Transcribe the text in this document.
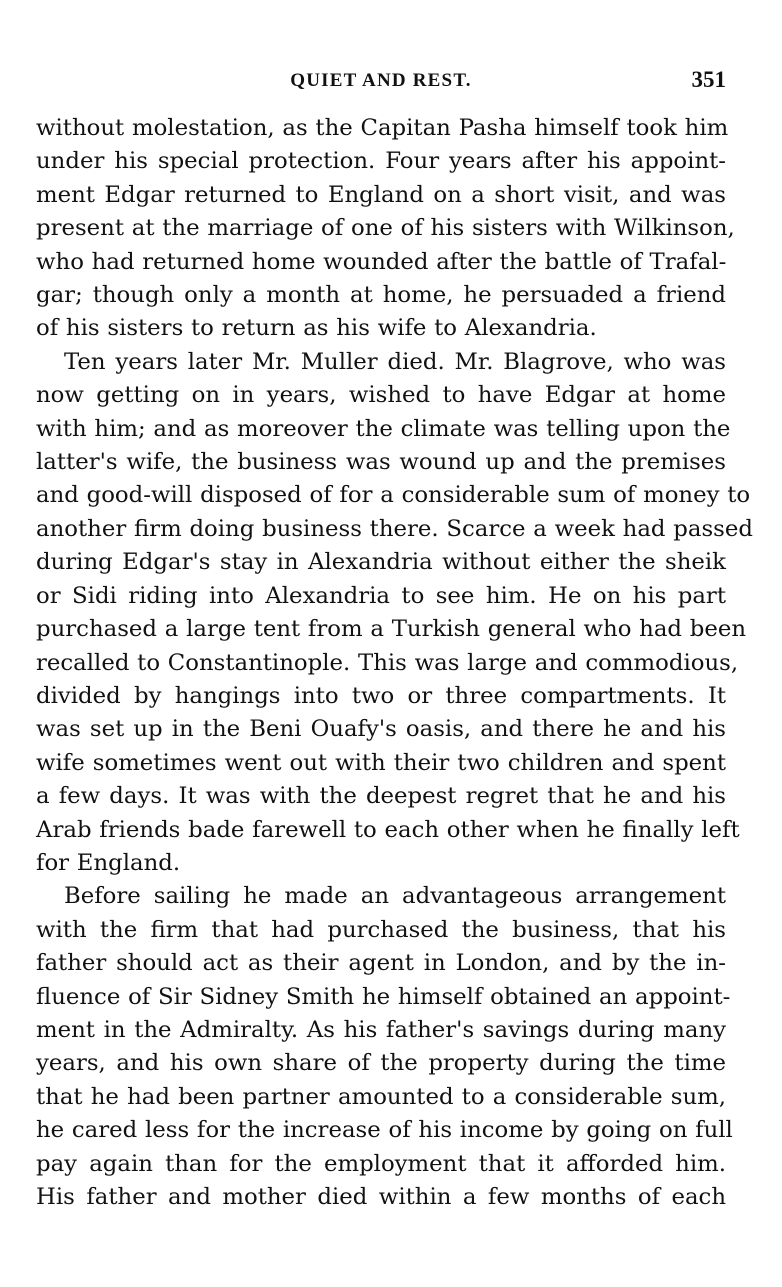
QUIET AND REST.	351

without molestation, as the Capitan Pasha himself took him
under his special protection. Four years after his appoint-
ment Edgar returned to England on a short visit, and was
present at the marriage of one of his sisters with Wilkinson,
who had returned home wounded after the battle of Trafal-
gar; though only a month at home, he persuaded a friend
of his sisters to return as his wife to Alexandria.

Ten years later Mr. Muller died. Mr. Blagrove, who was
now getting on in years, wished to have Edgar at home
with him; and as moreover the climate was telling upon the
latter's wife, the business was wound up and the premises
and good-will disposed of for a considerable sum of money to
another firm doing business there. Scarce a week had passed
during Edgar's stay in Alexandria without either the sheik
or Sidi riding into Alexandria to see him. He on his part
purchased a large tent from a Turkish general who had been
recalled to Constantinople. This was large and commodious,
divided by hangings into two or three compartments. It
was set up in the Beni Ouafy's oasis, and there he and his
wife sometimes went out with their two children and spent
a few days. It was with the deepest regret that he and his
Arab friends bade farewell to each other when he finally left
for England.

Before sailing he made an advantageous arrangement
with the firm that had purchased the business, that his
father should act as their agent in London, and by the in-
fluence of Sir Sidney Smith he himself obtained an appoint-
ment in the Admiralty. As his father's savings during many
years, and his own share of the property during the time
that he had been partner amounted to a considerable sum,
he cared less for the increase of his income by going on full
pay again than for the employment that it afforded him.
His father and mother died within a few months of each
